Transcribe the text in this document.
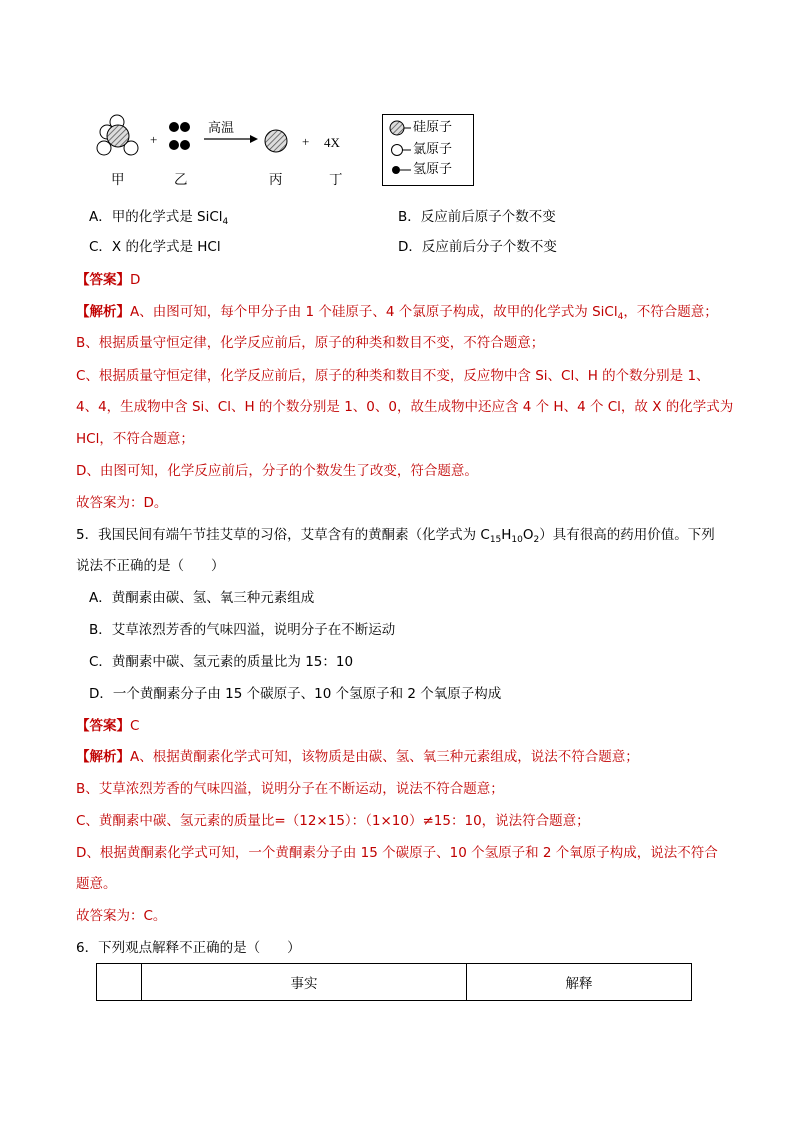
+
高温
+ 4X
甲	乙	丙	丁
硅原子
氯原子
氢原子
A．甲的化学式是 SiCl$_4$	B．反应前后原子个数不变
C．X 的化学式是 HCl	D．反应前后分子个数不变
【答案】D
【解析】A、由图可知，每个甲分子由 1 个硅原子、4 个氯原子构成，故甲的化学式为 SiCl$_4$，不符合题意；
B、根据质量守恒定律，化学反应前后，原子的种类和数目不变，不符合题意；
C、根据质量守恒定律，化学反应前后，原子的种类和数目不变，反应物中含 Si、Cl、H 的个数分别是 1、
4、4，生成物中含 Si、Cl、H 的个数分别是 1、0、0，故生成物中还应含 4 个 H、4 个 Cl，故 X 的化学式为
HCl，不符合题意；
D、由图可知，化学反应前后，分子的个数发生了改变，符合题意。
故答案为：D。
5．我国民间有端午节挂艾草的习俗，艾草含有的黄酮素（化学式为 $C_{15}H_{10}O_2$）具有很高的药用价值。下列
说法不正确的是（　　）
A．黄酮素由碳、氢、氧三种元素组成
B．艾草浓烈芳香的气味四溢，说明分子在不断运动
C．黄酮素中碳、氢元素的质量比为 15：10
D．一个黄酮素分子由 15 个碳原子、10 个氢原子和 2 个氧原子构成
【答案】C
【解析】A、根据黄酮素化学式可知，该物质是由碳、氢、氧三种元素组成，说法不符合题意；
B、艾草浓烈芳香的气味四溢，说明分子在不断运动，说法不符合题意；
C、黄酮素中碳、氢元素的质量比=（12×15）：（1×10）≠15：10，说法符合题意；
D、根据黄酮素化学式可知，一个黄酮素分子由 15 个碳原子、10 个氢原子和 2 个氧原子构成，说法不符合
题意。
故答案为：C。
6．下列观点解释不正确的是（　　）
	事实	解释
